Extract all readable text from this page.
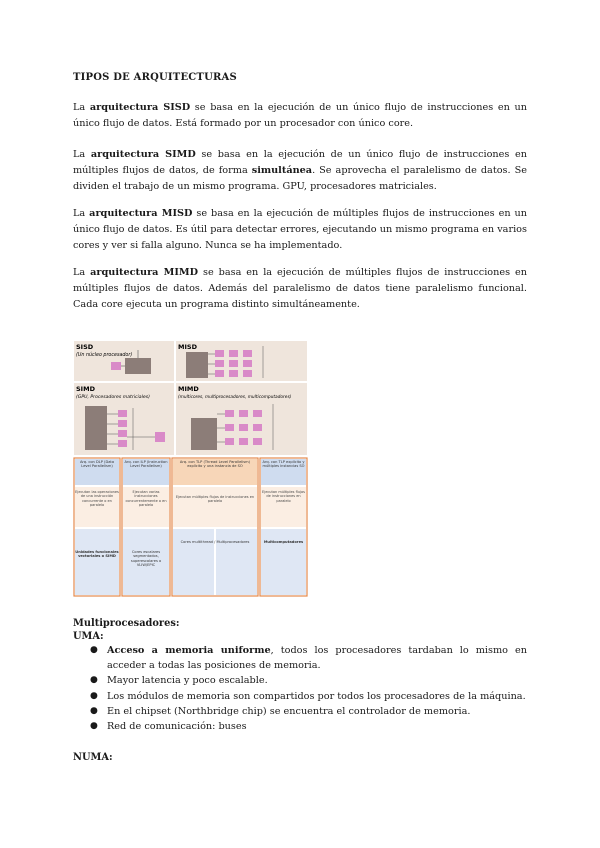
TIPOS DE ARQUITECTURAS

La arquitectura SISD se basa en la ejecución de un único flujo de instrucciones en un único flujo de datos. Está formado por un procesador con único core.

La arquitectura SIMD se basa en la ejecución de un único flujo de instrucciones en múltiples flujos de datos, de forma simultánea. Se aprovecha el paralelismo de datos. Se dividen el trabajo de un mismo programa. GPU, procesadores matriciales.

La arquitectura MISD se basa en la ejecución de múltiples flujos de instrucciones en un único flujo de datos. Es útil para detectar errores, ejecutando un mismo programa en varios cores y ver si falla alguno. Nunca se ha implementado.

La arquitectura MIMD se basa en la ejecución de múltiples flujos de instrucciones en múltiples flujos de datos. Además del paralelismo de datos tiene paralelismo funcional. Cada core ejecuta un programa distinto simultáneamente.

SISD
(Un núcleo procesador)
MISD
SIMD
(GPU, Procesadores matriciales)
MIMD
(multicores, multiprocesadores, multicomputadores)
Arq. con DLP (Data Level Parallelism)
Arq. con ILP (Instruction Level Parallelism)
Arq. con TLP (Thread Level Parallelism) explícito y una instancia de SO
Arq. con TLP explícito y múltiples instancias SO
Ejecutan las operaciones de una instrucción concurrente o en paralelo
Ejecutan varias instrucciones concurrentemente o en paralelo
Ejecutan múltiples flujos de instrucciones en paralelo
Ejecutan múltiples flujos de instrucciones en paralelo
Unidades funcionales vectoriales o SIMD
Cores escalares segmentados, superescalares o VLIW/EPIC
Cores multithread / Multiprocesadores	Multicomputadores
Multiprocesadores:
UMA:
● Acceso a memoria uniforme, todos los procesadores tardaban lo mismo en acceder a todas las posiciones de memoria.
● Mayor latencia y poco escalable.
● Los módulos de memoria son compartidos por todos los procesadores de la máquina.
● En el chipset (Northbridge chip) se encuentra el controlador de memoria.
● Red de comunicación: buses
NUMA:
